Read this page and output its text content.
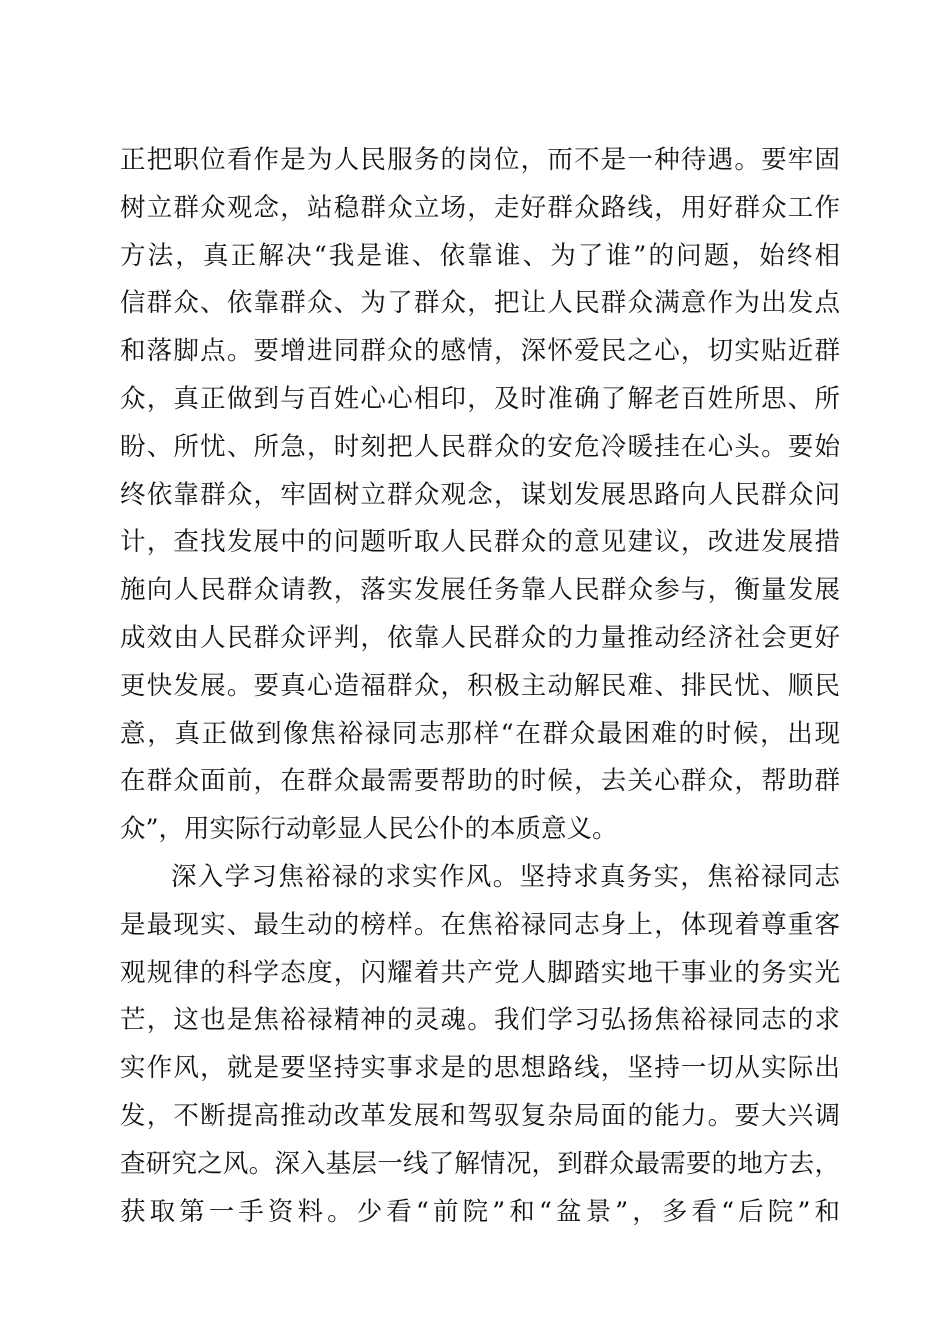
正把职位看作是为人民服务的岗位，而不是一种待遇。要牢固
树立群众观念，站稳群众立场，走好群众路线，用好群众工作
方法，真正解决“我是谁、依靠谁、为了谁”的问题，始终相
信群众、依靠群众、为了群众，把让人民群众满意作为出发点
和落脚点。要增进同群众的感情，深怀爱民之心，切实贴近群
众，真正做到与百姓心心相印，及时准确了解老百姓所思、所
盼、所忧、所急，时刻把人民群众的安危冷暖挂在心头。要始
终依靠群众，牢固树立群众观念，谋划发展思路向人民群众问
计，查找发展中的问题听取人民群众的意见建议，改进发展措
施向人民群众请教，落实发展任务靠人民群众参与，衡量发展
成效由人民群众评判，依靠人民群众的力量推动经济社会更好
更快发展。要真心造福群众，积极主动解民难、排民忧、顺民
意，真正做到像焦裕禄同志那样“在群众最困难的时候，出现
在群众面前，在群众最需要帮助的时候，去关心群众，帮助群
众”，用实际行动彰显人民公仆的本质意义。
深入学习焦裕禄的求实作风。坚持求真务实，焦裕禄同志
是最现实、最生动的榜样。在焦裕禄同志身上，体现着尊重客
观规律的科学态度，闪耀着共产党人脚踏实地干事业的务实光
芒，这也是焦裕禄精神的灵魂。我们学习弘扬焦裕禄同志的求
实作风，就是要坚持实事求是的思想路线，坚持一切从实际出
发，不断提高推动改革发展和驾驭复杂局面的能力。要大兴调
查研究之风。深入基层一线了解情况，到群众最需要的地方去，
获取第一手资料。少看“前院”和“盆景”，多看“后院”和
